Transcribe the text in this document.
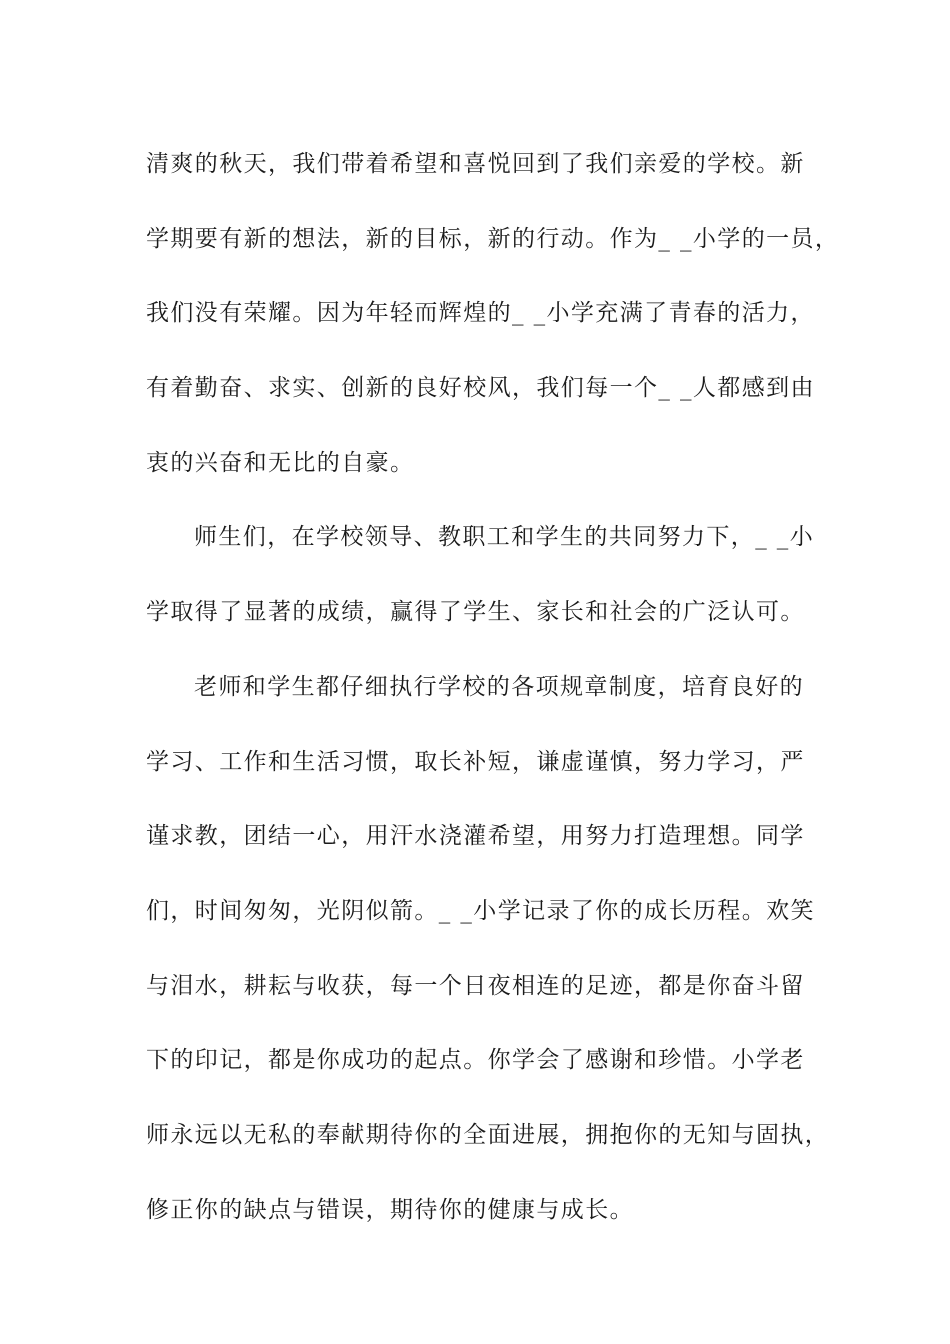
清爽的秋天，我们带着希望和喜悦回到了我们亲爱的学校。新
学期要有新的想法，新的目标，新的行动。作为_ _小学的一员，
我们没有荣耀。因为年轻而辉煌的_ _小学充满了青春的活力，
有着勤奋、求实、创新的良好校风，我们每一个_ _人都感到由
衷的兴奋和无比的自豪。
师生们，在学校领导、教职工和学生的共同努力下，_ _小
学取得了显著的成绩，赢得了学生、家长和社会的广泛认可。
老师和学生都仔细执行学校的各项规章制度，培育良好的
学习、工作和生活习惯，取长补短，谦虚谨慎，努力学习，严
谨求教，团结一心，用汗水浇灌希望，用努力打造理想。同学
们，时间匆匆，光阴似箭。_ _小学记录了你的成长历程。欢笑
与泪水，耕耘与收获，每一个日夜相连的足迹，都是你奋斗留
下的印记，都是你成功的起点。你学会了感谢和珍惜。小学老
师永远以无私的奉献期待你的全面进展，拥抱你的无知与固执，
修正你的缺点与错误，期待你的健康与成长。
